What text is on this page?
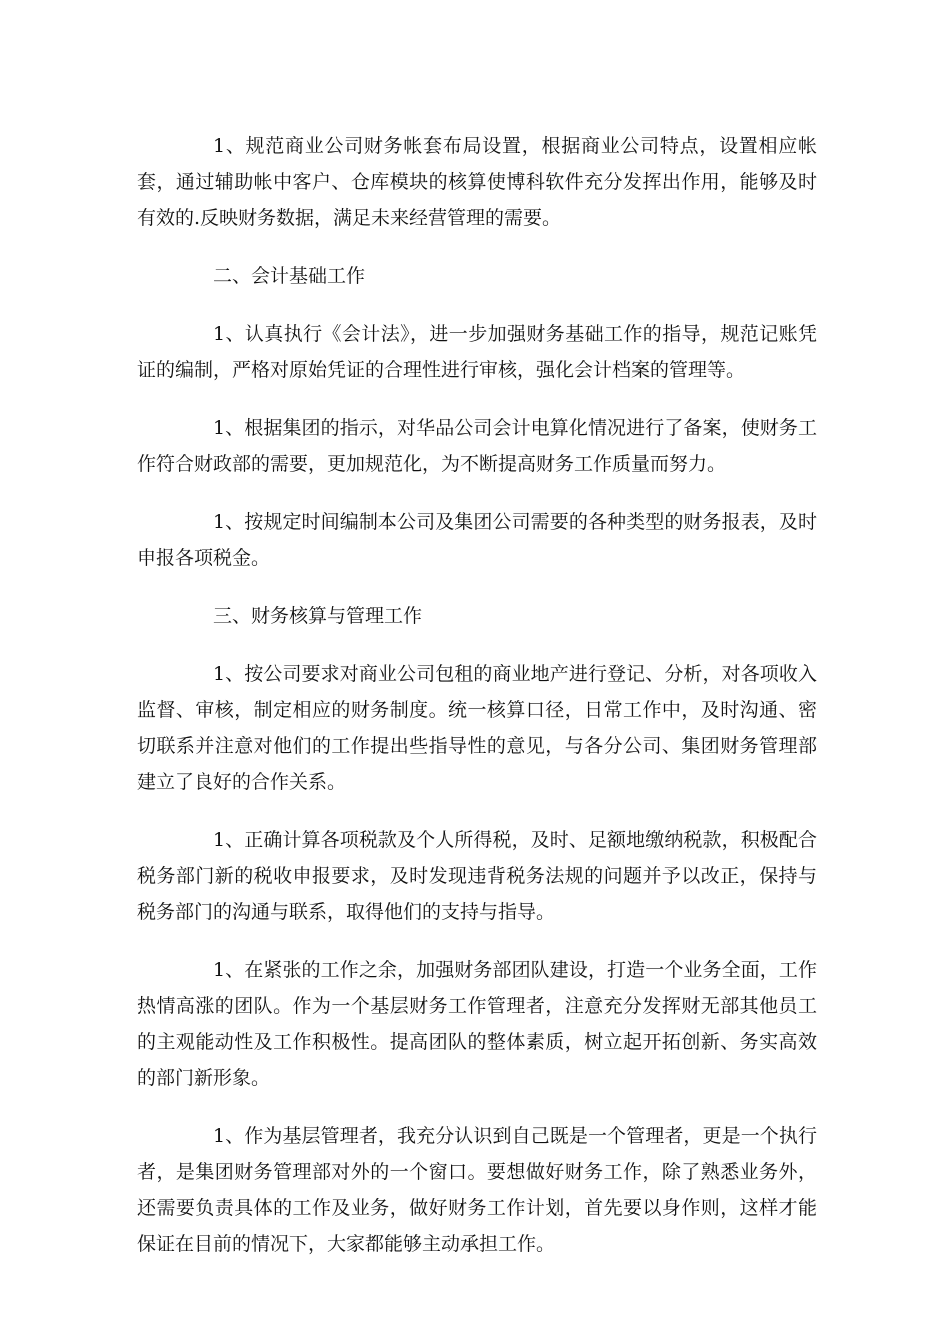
1、规范商业公司财务帐套布局设置，根据商业公司特点，设置相应帐套，通过辅助帐中客户、仓库模块的核算使博科软件充分发挥出作用，能够及时有效的.反映财务数据，满足未来经营管理的需要。

二、会计基础工作

1、认真执行《会计法》，进一步加强财务基础工作的指导，规范记账凭证的编制，严格对原始凭证的合理性进行审核，强化会计档案的管理等。

1、根据集团的指示，对华品公司会计电算化情况进行了备案，使财务工作符合财政部的需要，更加规范化，为不断提高财务工作质量而努力。

1、按规定时间编制本公司及集团公司需要的各种类型的财务报表，及时申报各项税金。

三、财务核算与管理工作

1、按公司要求对商业公司包租的商业地产进行登记、分析，对各项收入监督、审核，制定相应的财务制度。统一核算口径，日常工作中，及时沟通、密切联系并注意对他们的工作提出些指导性的意见，与各分公司、集团财务管理部建立了良好的合作关系。

1、正确计算各项税款及个人所得税，及时、足额地缴纳税款，积极配合税务部门新的税收申报要求，及时发现违背税务法规的问题并予以改正，保持与税务部门的沟通与联系，取得他们的支持与指导。

1、在紧张的工作之余，加强财务部团队建设，打造一个业务全面，工作热情高涨的团队。作为一个基层财务工作管理者，注意充分发挥财无部其他员工的主观能动性及工作积极性。提高团队的整体素质，树立起开拓创新、务实高效的部门新形象。

1、作为基层管理者，我充分认识到自己既是一个管理者，更是一个执行者，是集团财务管理部对外的一个窗口。要想做好财务工作，除了熟悉业务外，还需要负责具体的工作及业务，做好财务工作计划，首先要以身作则，这样才能保证在目前的情况下，大家都能够主动承担工作。
